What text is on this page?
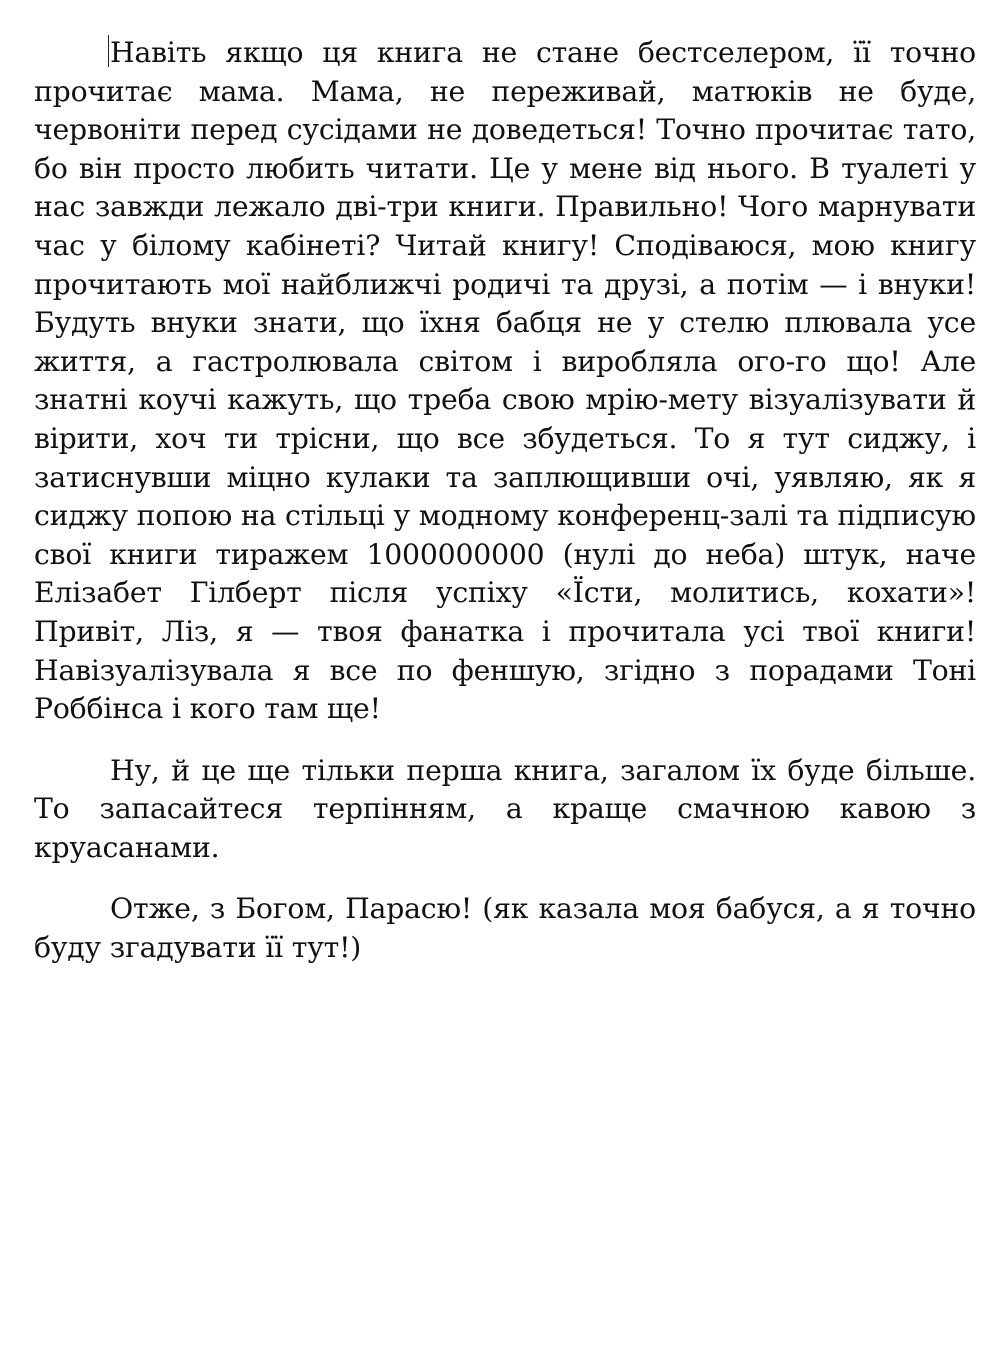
Навіть якщо ця книга не стане бестселером, її точно прочитає мама. Мама, не переживай, матюків не буде, червоніти перед сусідами не доведеться! Точно прочитає тато, бо він просто любить читати. Це у мене від нього. В туалеті у нас завжди лежало дві-три книги. Правильно! Чого марнувати час у білому кабінеті? Читай книгу! Сподіваюся, мою книгу прочитають мої найближчі родичі та друзі, а потім — і внуки! Будуть внуки знати, що їхня бабця не у стелю плювала усе життя, а гастролювала світом і виробляла ого-го що! Але знатні коучі кажуть, що треба свою мрію-мету візуалізувати й вірити, хоч ти трісни, що все збудеться. То я тут сиджу, і затиснувши міцно кулаки та заплющивши очі, уявляю, як я сиджу попою на стільці у модному конференц-залі та підписую свої книги тиражем 1000000000 (нулі до неба) штук, наче Елізабет Гілберт після успіху «Їсти, молитись, кохати»! Привіт, Ліз, я — твоя фанатка і прочитала усі твої книги! Навізуалізувала я все по феншую, згідно з порадами Тоні Роббінса і кого там ще!

Ну, й це ще тільки перша книга, загалом їх буде більше. То запасайтеся терпінням, а краще смачною кавою з круасанами.

Отже, з Богом, Парасю! (як казала моя бабуся, а я точно буду згадувати її тут!)
